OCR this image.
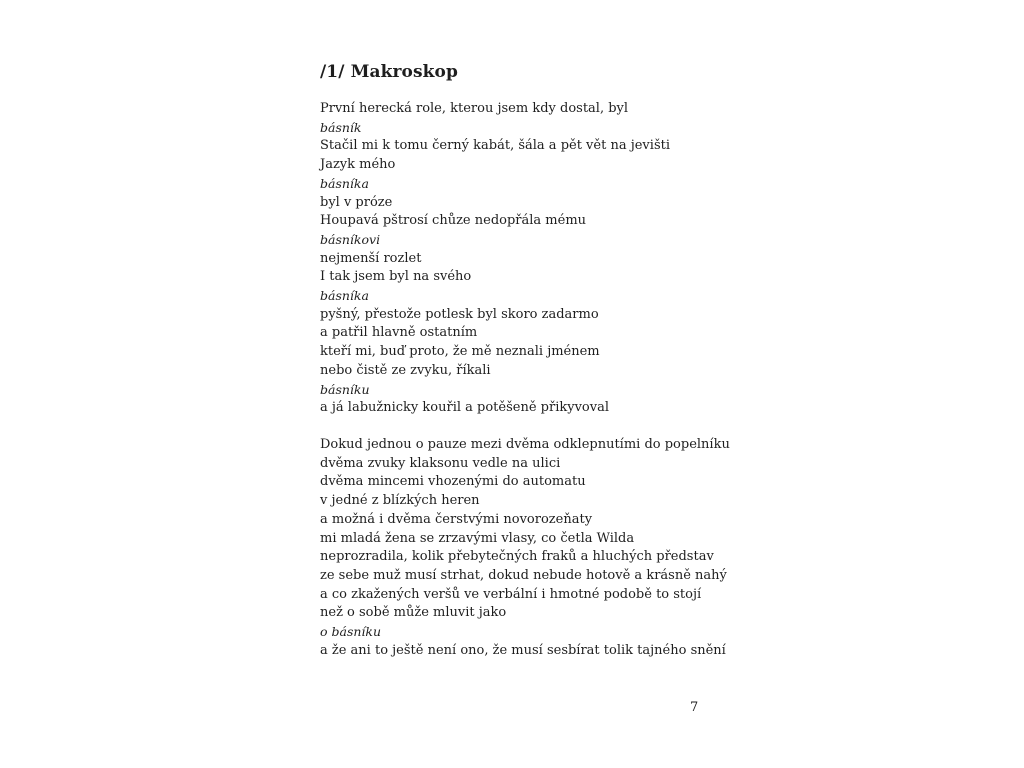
/1/ Makroskop
První herecká role, kterou jsem kdy dostal, byl
básník
Stačil mi k tomu černý kabát, šála a pět vět na jevišti
Jazyk mého
básníka
byl v próze
Houpavá pštrosí chůze nedopřála mému
básníkovi
nejmenší rozlet
I tak jsem byl na svého
básníka
pyšný, přestože potlesk byl skoro zadarmo
a patřil hlavně ostatním
kteří mi, buď proto, že mě neznali jménem
nebo čistě ze zvyku, říkali
básníku
a já labužnicky kouřil a potěšeně přikyvoval
Dokud jednou o pauze mezi dvěma odklepnutími do popelníku
dvěma zvuky klaksonu vedle na ulici
dvěma mincemi vhozenými do automatu
v jedné z blízkých heren
a možná i dvěma čerstvými novorozeňaty
mi mladá žena se zrzavými vlasy, co četla Wilda
neprozradila, kolik přebytečných fraků a hluchých představ
ze sebe muž musí strhat, dokud nebude hotově a krásně nahý
a co zkažených veršů ve verbální i hmotné podobě to stojí
než o sobě může mluvit jako
o básníku
a že ani to ještě není ono, že musí sesbírat tolik tajného snění
7
